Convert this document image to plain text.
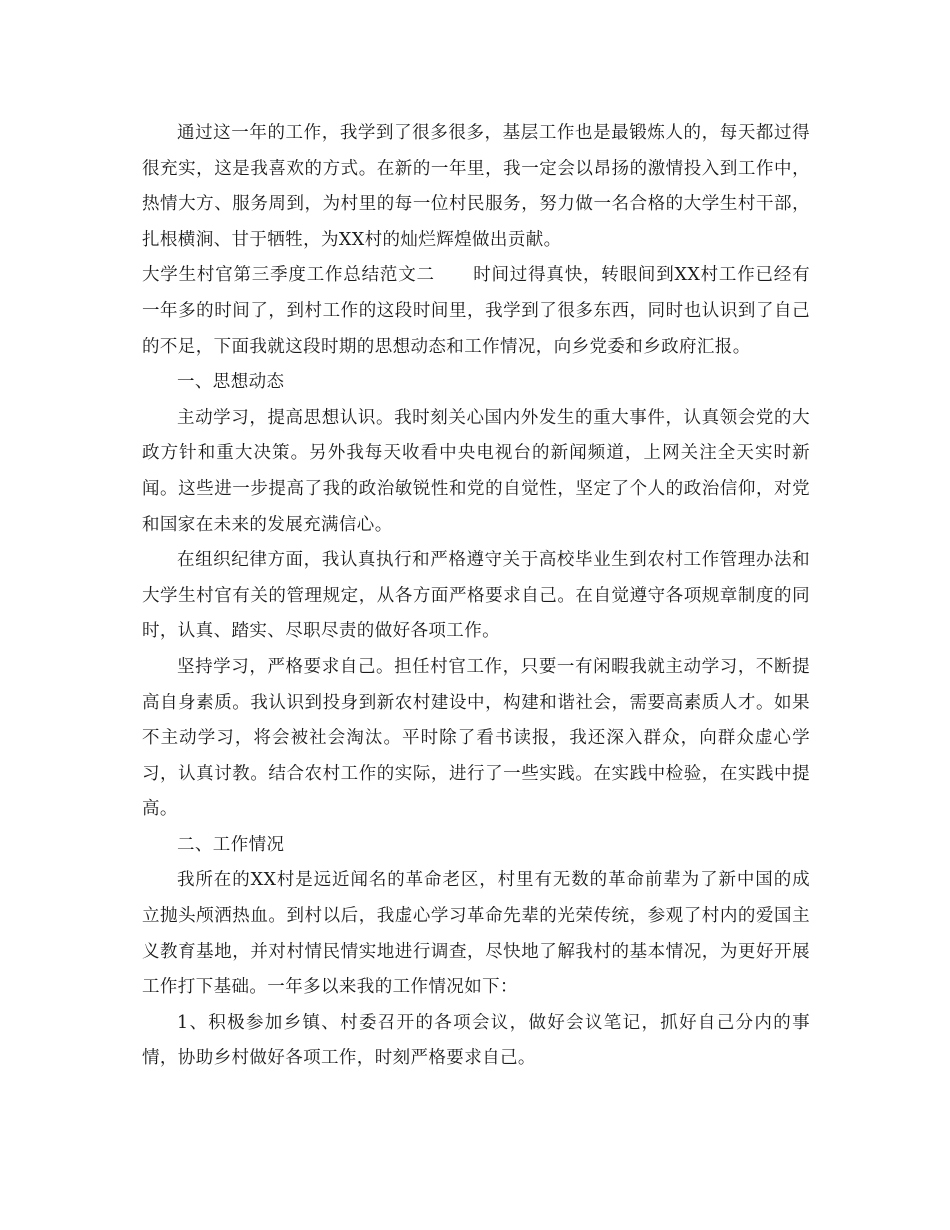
通过这一年的工作，我学到了很多很多，基层工作也是最锻炼人的，每天都过得很充实，这是我喜欢的方式。在新的一年里，我一定会以昂扬的激情投入到工作中，热情大方、服务周到，为村里的每一位村民服务，努力做一名合格的大学生村干部，扎根横涧、甘于牺牲，为XX村的灿烂辉煌做出贡献。

大学生村官第三季度工作总结范文二 时间过得真快，转眼间到XX村工作已经有一年多的时间了，到村工作的这段时间里，我学到了很多东西，同时也认识到了自己的不足，下面我就这段时期的思想动态和工作情况，向乡党委和乡政府汇报。

一、思想动态

主动学习，提高思想认识。我时刻关心国内外发生的重大事件，认真领会党的大政方针和重大决策。另外我每天收看中央电视台的新闻频道，上网关注全天实时新闻。这些进一步提高了我的政治敏锐性和党的自觉性，坚定了个人的政治信仰，对党和国家在未来的发展充满信心。

在组织纪律方面，我认真执行和严格遵守关于高校毕业生到农村工作管理办法和大学生村官有关的管理规定，从各方面严格要求自己。在自觉遵守各项规章制度的同时，认真、踏实、尽职尽责的做好各项工作。

坚持学习，严格要求自己。担任村官工作，只要一有闲暇我就主动学习，不断提高自身素质。我认识到投身到新农村建设中，构建和谐社会，需要高素质人才。如果不主动学习，将会被社会淘汰。平时除了看书读报，我还深入群众，向群众虚心学习，认真讨教。结合农村工作的实际，进行了一些实践。在实践中检验，在实践中提高。

二、工作情况

我所在的XX村是远近闻名的革命老区，村里有无数的革命前辈为了新中国的成立抛头颅洒热血。到村以后，我虚心学习革命先辈的光荣传统，参观了村内的爱国主义教育基地，并对村情民情实地进行调查，尽快地了解我村的基本情况，为更好开展工作打下基础。一年多以来我的工作情况如下：

1、积极参加乡镇、村委召开的各项会议，做好会议笔记，抓好自己分内的事情，协助乡村做好各项工作，时刻严格要求自己。
